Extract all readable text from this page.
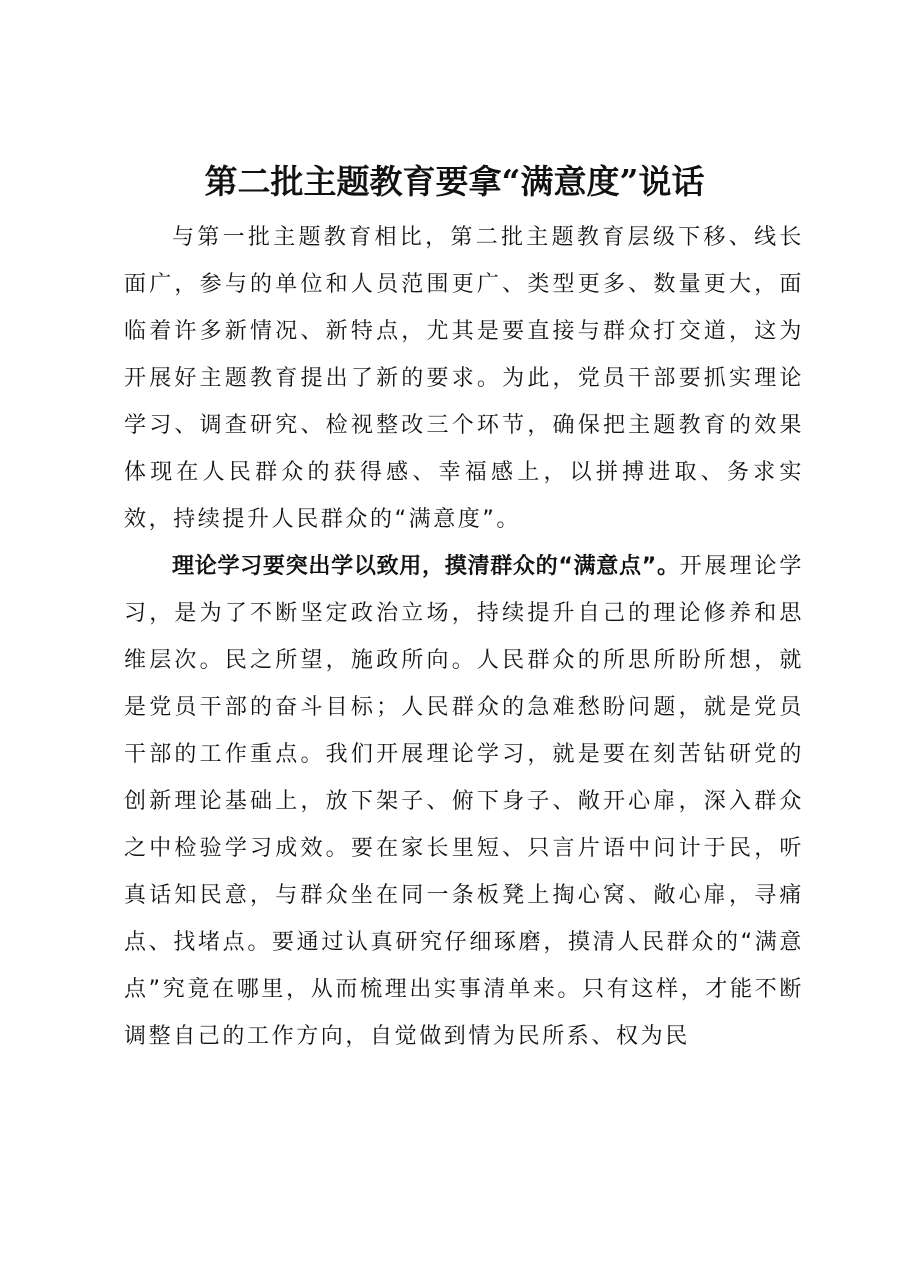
第二批主题教育要拿“满意度”说话

与第一批主题教育相比，第二批主题教育层级下移、线长面广，参与的单位和人员范围更广、类型更多、数量更大，面临着许多新情况、新特点，尤其是要直接与群众打交道，这为开展好主题教育提出了新的要求。为此，党员干部要抓实理论学习、调查研究、检视整改三个环节，确保把主题教育的效果体现在人民群众的获得感、幸福感上，以拼搏进取、务求实效，持续提升人民群众的“满意度”。

理论学习要突出学以致用，摸清群众的“满意点”。开展理论学习，是为了不断坚定政治立场，持续提升自己的理论修养和思维层次。民之所望，施政所向。人民群众的所思所盼所想，就是党员干部的奋斗目标；人民群众的急难愁盼问题，就是党员干部的工作重点。我们开展理论学习，就是要在刻苦钻研党的创新理论基础上，放下架子、俯下身子、敞开心扉，深入群众之中检验学习成效。要在家长里短、只言片语中问计于民，听真话知民意，与群众坐在同一条板凳上掏心窝、敞心扉，寻痛点、找堵点。要通过认真研究仔细琢磨，摸清人民群众的“满意点”究竟在哪里，从而梳理出实事清单来。只有这样，才能不断调整自己的工作方向，自觉做到情为民所系、权为民
